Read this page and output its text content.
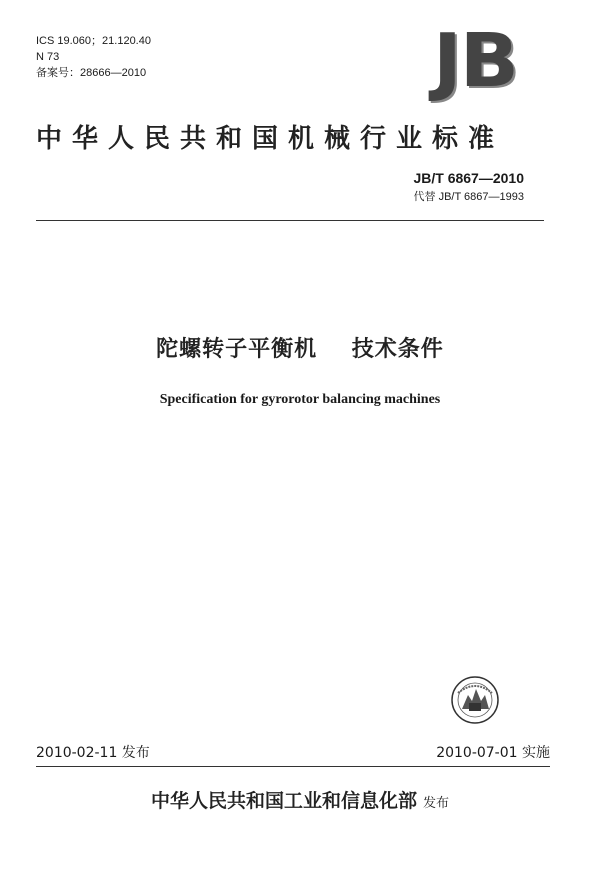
ICS 19.060；21.120.40
N 73
备案号：28666—2010	JB
中华人民共和国机械行业标准
JB/T 6867—2010
代替 JB/T 6867—1993
陀螺转子平衡机    技术条件
Specification for gyrorotor balancing machines
2010-02-11 发布	2010-07-01 实施
中华人民共和国工业和信息化部 发布
